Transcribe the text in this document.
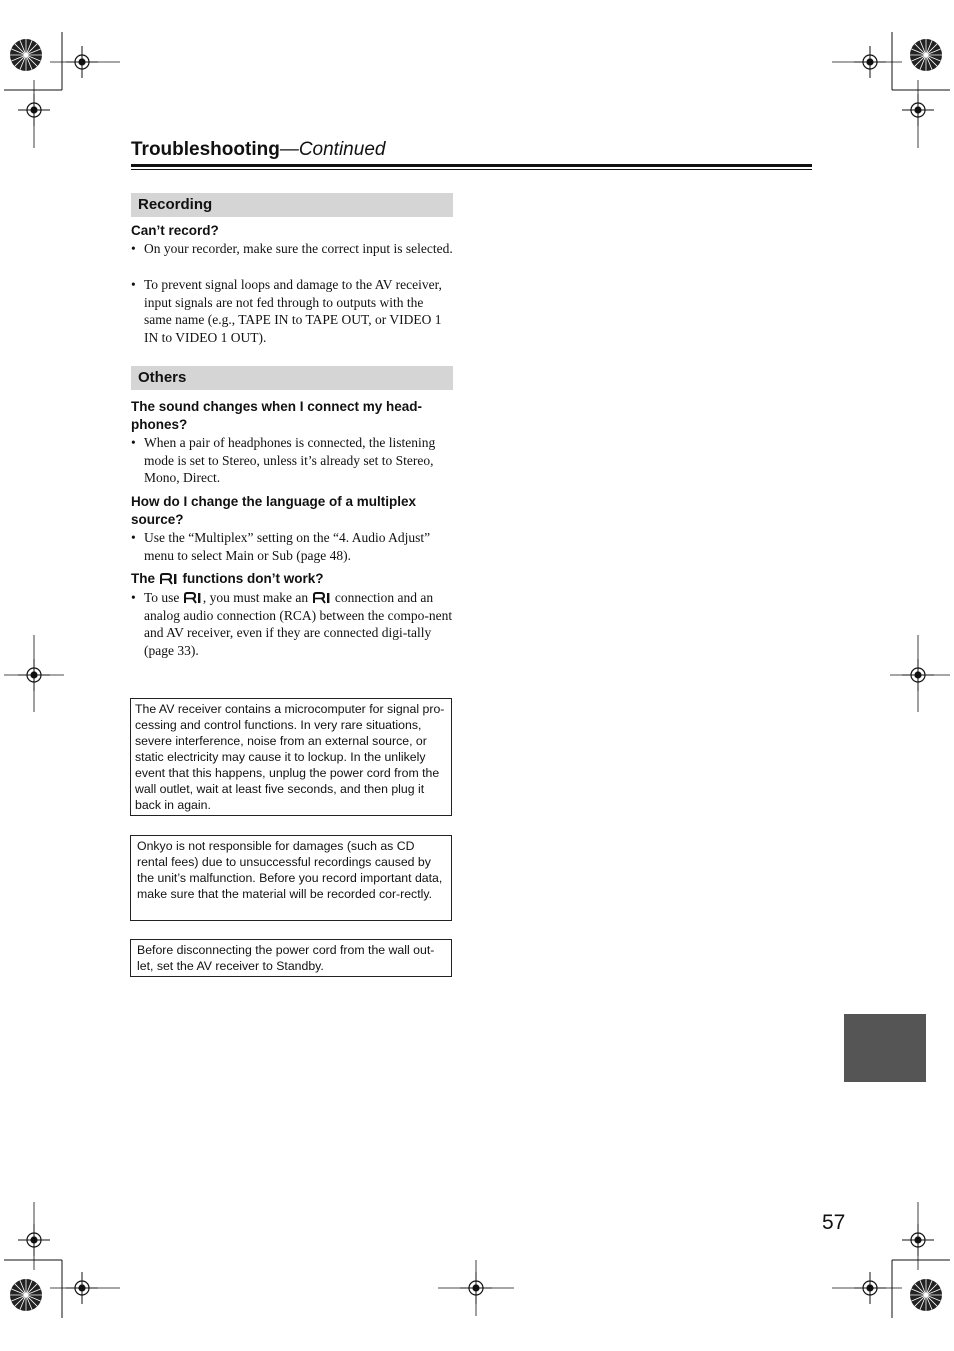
Troubleshooting—Continued
Recording
Can’t record?
• On your recorder, make sure the correct input is selected.
• To prevent signal loops and damage to the AV receiver, input signals are not fed through to outputs with the same name (e.g., TAPE IN to TAPE OUT, or VIDEO 1 IN to VIDEO 1 OUT).
Others
The sound changes when I connect my head-phones?
• When a pair of headphones is connected, the listening mode is set to Stereo, unless it’s already set to Stereo, Mono, Direct.
How do I change the language of a multiplex source?
• Use the “Multiplex” setting on the “4. Audio Adjust” menu to select Main or Sub (page 48).
The functions don’t work?
• To use , you must make an connection and an analog audio connection (RCA) between the compo-nent and AV receiver, even if they are connected digi-tally (page 33).
The AV receiver contains a microcomputer for signal pro-cessing and control functions. In very rare situations, severe interference, noise from an external source, or static electricity may cause it to lockup. In the unlikely event that this happens, unplug the power cord from the wall outlet, wait at least five seconds, and then plug it back in again.
Onkyo is not responsible for damages (such as CD rental fees) due to unsuccessful recordings caused by the unit’s malfunction. Before you record important data, make sure that the material will be recorded cor-rectly.
Before disconnecting the power cord from the wall out-let, set the AV receiver to Standby.
57
